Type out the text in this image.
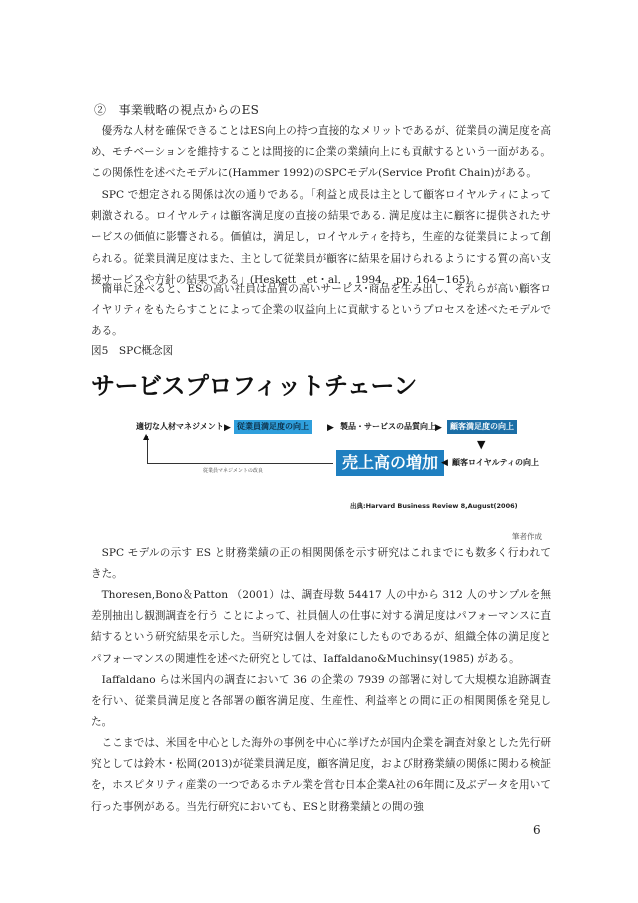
②　事業戦略の視点からのES

優秀な人材を確保できることはES向上の持つ直接的なメリットであるが、従業員の満足度を高め、モチベーションを維持することは間接的に企業の業績向上にも貢献するという一面がある。この関係性を述べたモデルに(Hammer 1992)のSPCモデル(Service Profit Chain)がある。

SPC で想定される関係は次の通りである。「利益と成長は主として顧客ロイヤルティによって刺激される。ロイヤルティは顧客満足度の直接の結果である. 満足度は主に顧客に提供されたサービスの価値に影響される。価値は，満足し，ロイヤルティを持ち，生産的な従業員によって創られる。従業員満足度はまた、主として従業員が顧客に結果を届けられるようにする質の高い支援サービスや方針の結果である」(Heskett　et・al．, 1994,　pp. 164−165)。

簡単に述べると、ESの高い社員は品質の高いサービス･商品を生み出し、それらが高い顧客ロイヤリティをもたらすことによって企業の収益向上に貢献するというプロセスを述べたモデルである。

図5　SPC概念図
サービスプロフィットチェーン
適切な人材マネジメント ▶ 従業員満足度の向上	▶ 製品・サービスの品質向上 ▶	顧客満足度の向上
▼
売上高の増加 ◀ 顧客ロイヤルティの向上
▲
従業員マネジメントの改良
出典:Harvard Business Review 8,August(2006)
筆者作成

SPC モデルの示す ES と財務業績の正の相関関係を示す研究はこれまでにも数多く行われてきた。

Thoresen,Bono＆Patton （2001）は、調査母数 54417 人の中から 312 人のサンプルを無差別抽出し観測調査を行う ことによって、社員個人の仕事に対する満足度はパフォーマンスに直結するという研究結果を示した。当研究は個人を対象にしたものであるが、組織全体の満足度とパフォーマンスの関連性を述べた研究としては、Iaffaldano&Muchinsy(1985) がある。

Iaffaldano らは米国内の調査において 36 の企業の 7939 の部署に対して大規模な追跡調査を行い、従業員満足度と各部署の顧客満足度、生産性、利益率との間に正の相関関係を発見した。

ここまでは、米国を中心とした海外の事例を中心に挙げたが国内企業を調査対象とした先行研究としては鈴木・松岡(2013)が従業員満足度，顧客満足度，および財務業績の関係に関わる検証を，ホスピタリティ産業の一つであるホテル業を営む日本企業A社の6年間に及ぶデータを用いて行った事例がある。当先行研究においても、ESと財務業績との間の強

6
